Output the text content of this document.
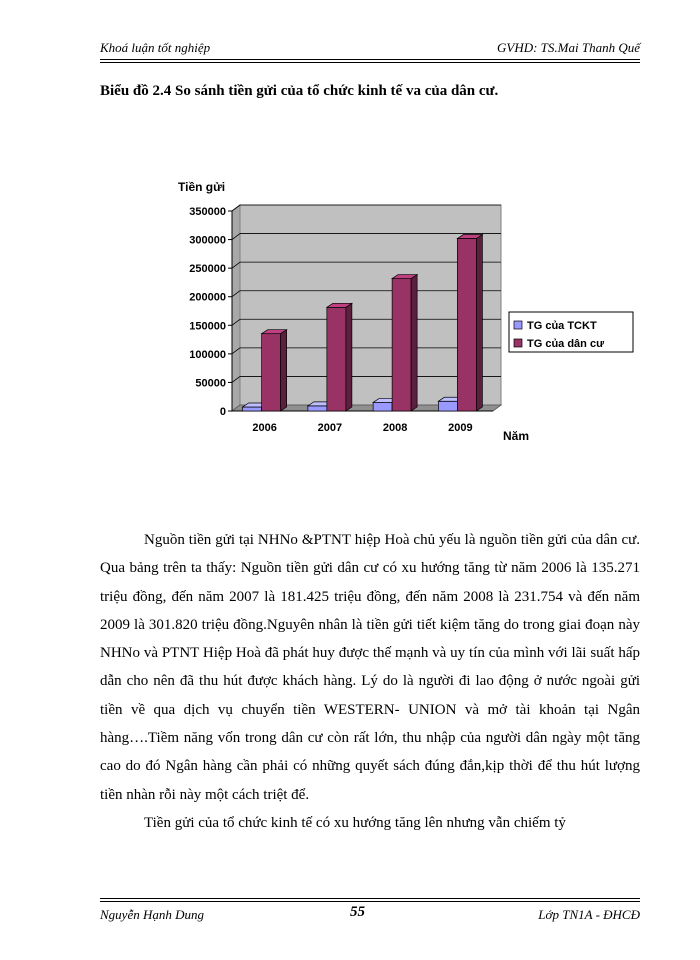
Khoá luận tốt nghiệp	GVHD: TS.Mai Thanh Quế
Biểu đồ 2.4 So sánh tiền gửi của tổ chức kinh tế va của dân cư.
0
50000
100000
150000
200000
250000
300000
350000
Tiền gửi
2006	2007	2008	2009
Năm
TG của TCKT
TG của dân cư

Nguồn tiền gửi tại NHNo &PTNT hiệp Hoà chủ yếu là nguồn tiền gửi của dân cư. Qua bảng trên ta thấy: Nguồn tiền gửi dân cư có xu hướng tăng từ năm 2006 là 135.271 triệu đồng, đến năm 2007 là 181.425 triệu đồng, đến năm 2008 là 231.754 và đến năm 2009 là 301.820 triệu đồng.Nguyên nhân là tiền gửi tiết kiệm tăng do trong giai đoạn này NHNo và PTNT Hiệp Hoà đã phát huy được thế mạnh và uy tín của mình với lãi suất hấp dẫn cho nên đã thu hút được khách hàng. Lý do là người đi lao động ở nước ngoài gửi tiền về qua dịch vụ chuyển tiền WESTERN- UNION và mở tài khoản tại Ngân hàng….Tiềm năng vốn trong dân cư còn rất lớn, thu nhập của người dân ngày một tăng cao do đó Ngân hàng cần phải có những quyết sách đúng đắn,kịp thời để thu hút lượng tiền nhàn rỗi này một cách triệt để.

Tiền gửi của tổ chức kinh tế có xu hướng tăng lên nhưng vẫn chiếm tỷ

Nguyễn Hạnh Dung	55	Lớp TN1A - ĐHCĐ
